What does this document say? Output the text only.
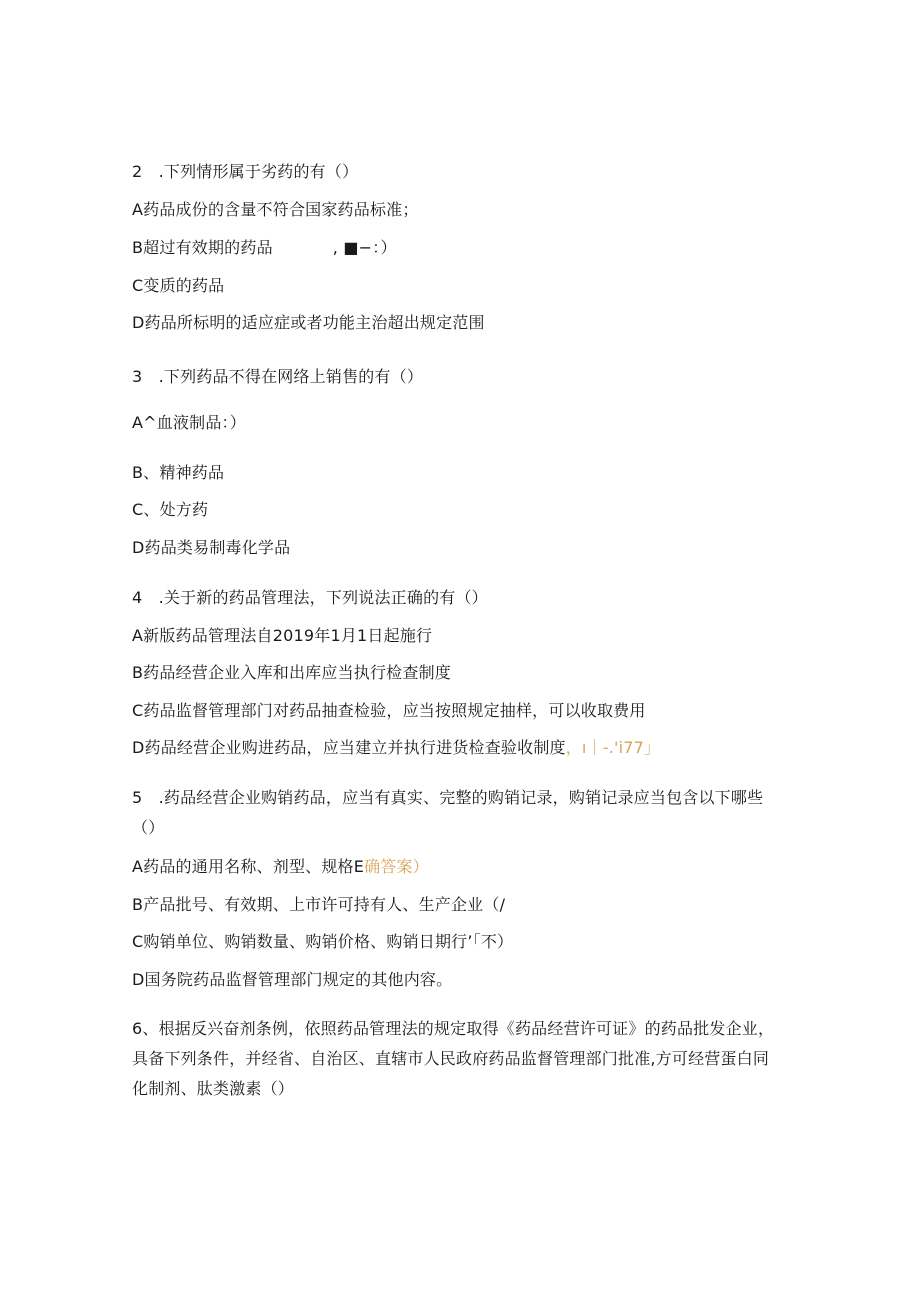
2　.下列情形属于劣药的有（）
A药品成份的含量不符合国家药品标准；
B超过有效期的药品	, ■−：）
C变质的药品
D药品所标明的适应症或者功能主治超出规定范围
3　.下列药品不得在网络上销售的有（）
A^血液制品：）
B、精神药品
C、处方药
D药品类易制毒化学品
4　.关于新的药品管理法，下列说法正确的有（）
A新版药品管理法自2019年1月1日起施行
B药品经营企业入库和出库应当执行检查制度
C药品监督管理部门对药品抽查检验，应当按照规定抽样，可以收取费用
D药品经营企业购进药品，应当建立并执行进货检查验收制度，ı｜-.'i77｣
5　.药品经营企业购销药品，应当有真实、完整的购销记录，购销记录应当包含以下哪些（）
A药品的通用名称、剂型、规格E确答案）
B产品批号、有效期、上市许可持有人、生产企业（/
C购销单位、购销数量、购销价格、购销日期行’「不）
D国务院药品监督管理部门规定的其他内容。
6、根据反兴奋剂条例，依照药品管理法的规定取得《药品经营许可证》的药品批发企业，具备下列条件，并经省、自治区、直辖市人民政府药品监督管理部门批准,方可经营蛋白同化制剂、肽类激素（）
